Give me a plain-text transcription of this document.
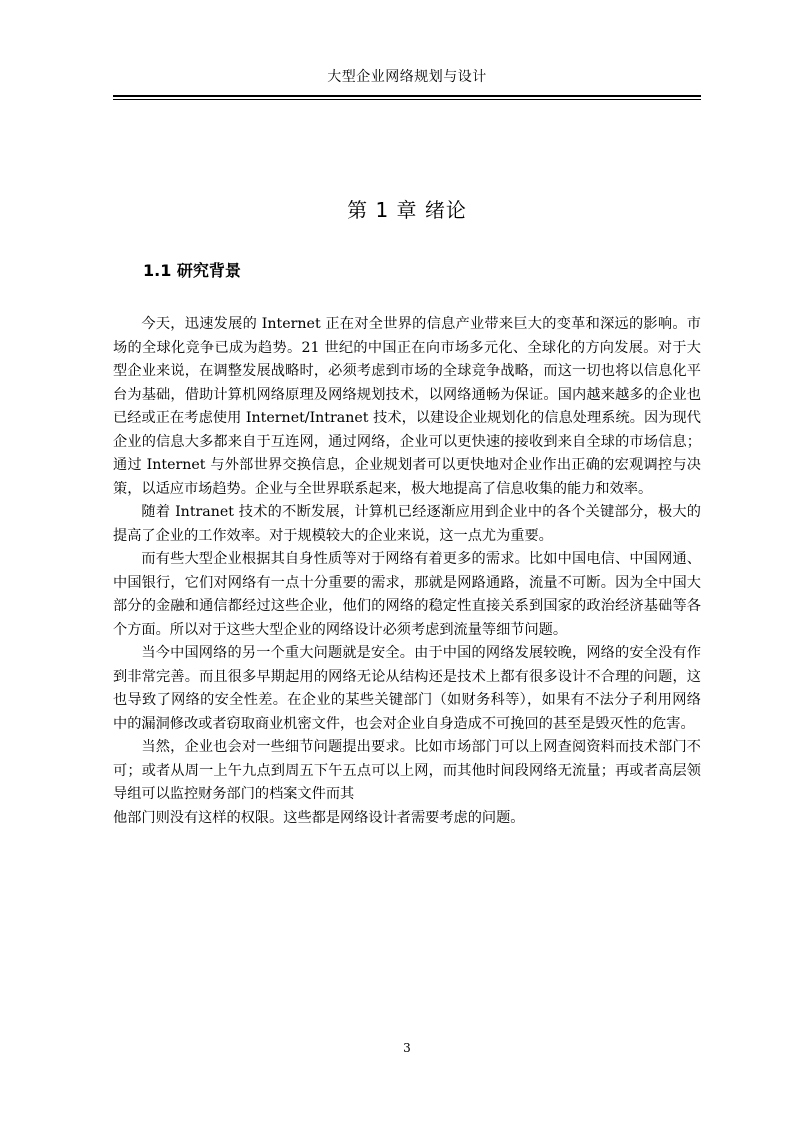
大型企业网络规划与设计
第 1 章 绪论
1.1 研究背景

今天，迅速发展的 Internet 正在对全世界的信息产业带来巨大的变革和深远的影响。市场的全球化竞争已成为趋势。21 世纪的中国正在向市场多元化、全球化的方向发展。对于大型企业来说，在调整发展战略时，必须考虑到市场的全球竞争战略，而这一切也将以信息化平台为基础，借助计算机网络原理及网络规划技术，以网络通畅为保证。国内越来越多的企业也已经或正在考虑使用 Internet/Intranet 技术，以建设企业规划化的信息处理系统。因为现代企业的信息大多都来自于互连网，通过网络，企业可以更快速的接收到来自全球的市场信息；通过 Internet 与外部世界交换信息，企业规划者可以更快地对企业作出正确的宏观调控与决策，以适应市场趋势。企业与全世界联系起来，极大地提高了信息收集的能力和效率。

随着 Intranet 技术的不断发展，计算机已经逐渐应用到企业中的各个关键部分，极大的提高了企业的工作效率。对于规模较大的企业来说，这一点尤为重要。

而有些大型企业根据其自身性质等对于网络有着更多的需求。比如中国电信、中国网通、中国银行，它们对网络有一点十分重要的需求，那就是网路通路，流量不可断。因为全中国大部分的金融和通信都经过这些企业，他们的网络的稳定性直接关系到国家的政治经济基础等各个方面。所以对于这些大型企业的网络设计必须考虑到流量等细节问题。

当今中国网络的另一个重大问题就是安全。由于中国的网络发展较晚，网络的安全没有作到非常完善。而且很多早期起用的网络无论从结构还是技术上都有很多设计不合理的问题，这也导致了网络的安全性差。在企业的某些关键部门（如财务科等），如果有不法分子利用网络中的漏洞修改或者窃取商业机密文件，也会对企业自身造成不可挽回的甚至是毁灭性的危害。

当然，企业也会对一些细节问题提出要求。比如市场部门可以上网查阅资料而技术部门不可；或者从周一上午九点到周五下午五点可以上网，而其他时间段网络无流量；再或者高层领导组可以监控财务部门的档案文件而其

他部门则没有这样的权限。这些都是网络设计者需要考虑的问题。

3
